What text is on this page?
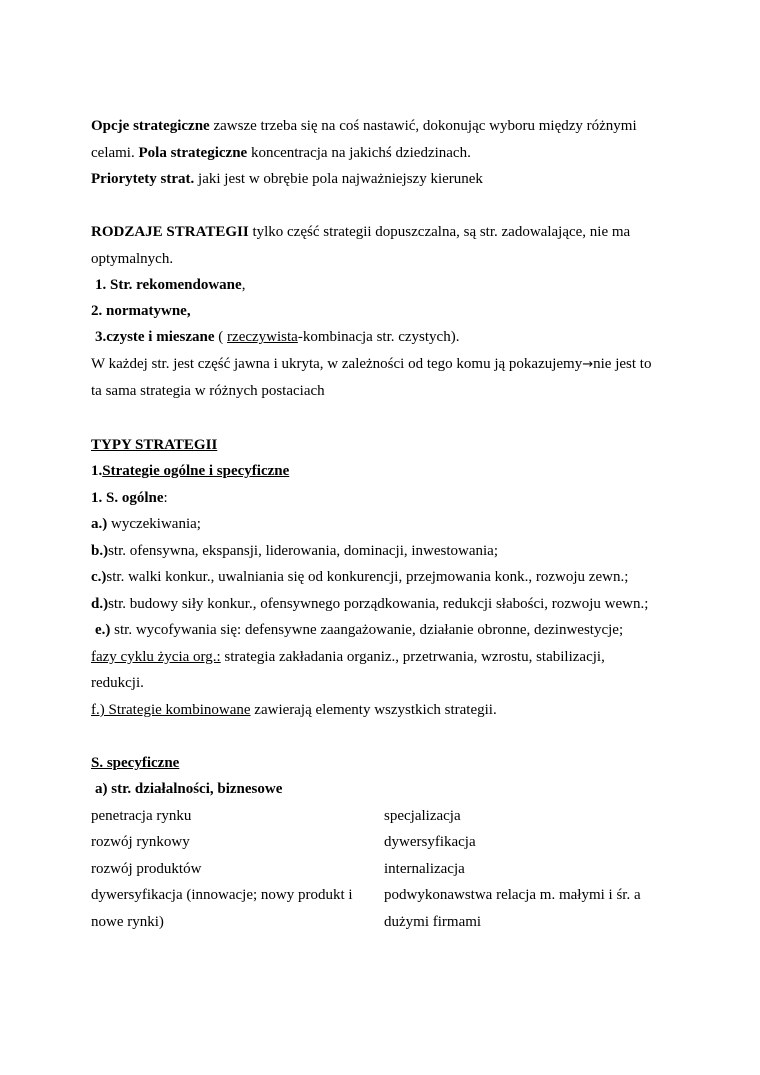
Opcje strategiczne zawsze trzeba się na coś nastawić, dokonując wyboru między różnymi
celami. Pola strategiczne koncentracja na jakichś dziedzinach.
Priorytety strat. jaki jest w obrębie pola najważniejszy kierunek
RODZAJE STRATEGII tylko część strategii dopuszczalna, są str. zadowalające, nie ma
optymalnych.
1. Str. rekomendowane,
2. normatywne,
3.czyste i mieszane ( rzeczywista-kombinacja str. czystych).
W każdej str. jest część jawna i ukryta, w zależności od tego komu ją pokazujemy→nie jest to
ta sama strategia w różnych postaciach
TYPY STRATEGII
1.Strategie ogólne i specyficzne
1. S. ogólne:
a.) wyczekiwania;
b.)str. ofensywna, ekspansji, liderowania, dominacji, inwestowania;
c.)str. walki konkur., uwalniania się od konkurencji, przejmowania konk., rozwoju zewn.;
d.)str. budowy siły konkur., ofensywnego porządkowania, redukcji słabości, rozwoju wewn.;
e.) str. wycofywania się: defensywne zaangażowanie, działanie obronne, dezinwestycje;
fazy cyklu życia org.: strategia zakładania organiz., przetrwania, wzrostu, stabilizacji,
redukcji.
f.) Strategie kombinowane zawierają elementy wszystkich strategii.
S. specyficzne
a) str. działalności, biznesowe
penetracja rynku
rozwój rynkowy
rozwój produktów
dywersyfikacja (innowacje; nowy produkt i
nowe rynki)
specjalizacja
dywersyfikacja
internalizacja
podwykonawstwa relacja m. małymi i śr. a
dużymi firmami
